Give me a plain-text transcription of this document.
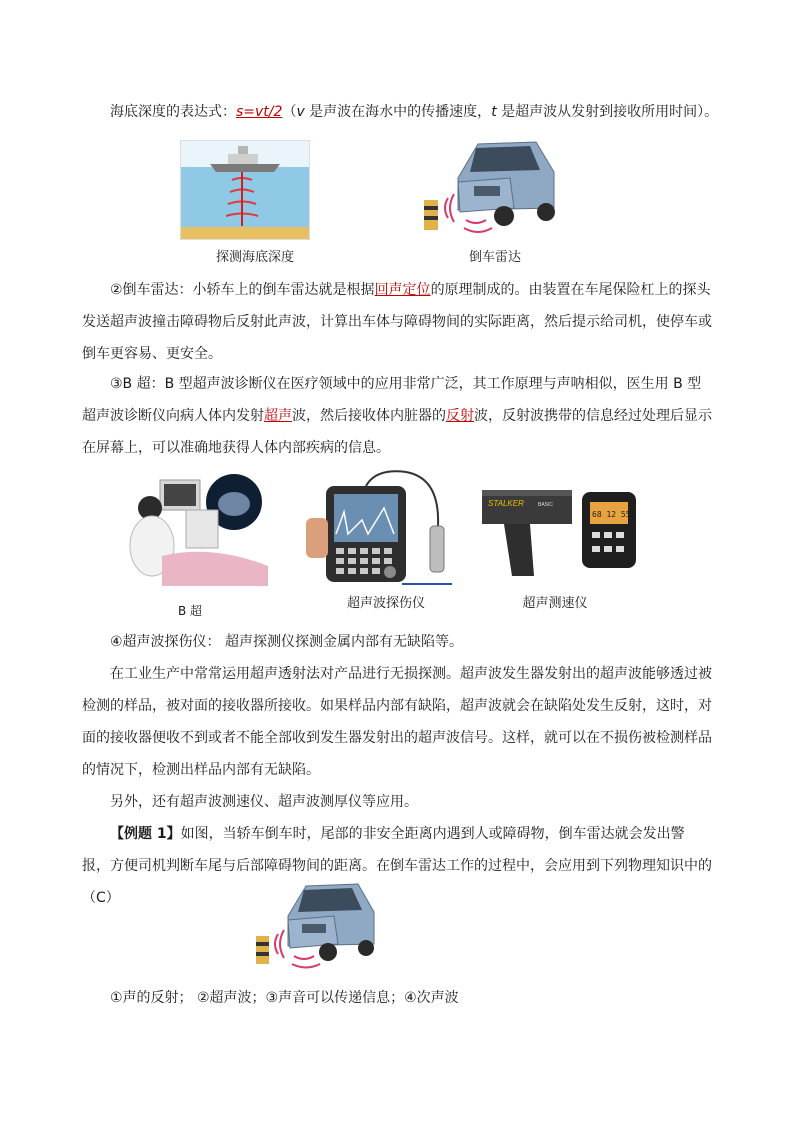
海底深度的表达式：s=vt/2（v 是声波在海水中的传播速度，t 是超声波从发射到接收所用时间）。

探测海底深度	倒车雷达

②倒车雷达：小轿车上的倒车雷达就是根据回声定位的原理制成的。由装置在车尾保险杠上的探头发送超声波撞击障碍物后反射此声波，计算出车体与障碍物间的实际距离，然后提示给司机，使停车或倒车更容易、更安全。

③B 超：B 型超声波诊断仪在医疗领域中的应用非常广泛，其工作原理与声呐相似，医生用 B 型超声波诊断仪向病人体内发射超声波，然后接收体内脏器的反射波，反射波携带的信息经过处理后显示在屏幕上，可以准确地获得人体内部疾病的信息。

B 超	超声波探伤仪
STALKER	BASIC
68 12 55
超声测速仪

④超声波探伤仪： 超声探测仪探测金属内部有无缺陷等。

在工业生产中常常运用超声透射法对产品进行无损探测。超声波发生器发射出的超声波能够透过被检测的样品，被对面的接收器所接收。如果样品内部有缺陷，超声波就会在缺陷处发生反射，这时，对面的接收器便收不到或者不能全部收到发生器发射出的超声波信号。这样，就可以在不损伤被检测样品的情况下，检测出样品内部有无缺陷。

另外，还有超声波测速仪、超声波测厚仪等应用。

【例题 1】如图，当轿车倒车时，尾部的非安全距离内遇到人或障碍物，倒车雷达就会发出警报，方便司机判断车尾与后部障碍物间的距离。在倒车雷达工作的过程中，会应用到下列物理知识中的（C）

①声的反射； ②超声波；③声音可以传递信息；④次声波
